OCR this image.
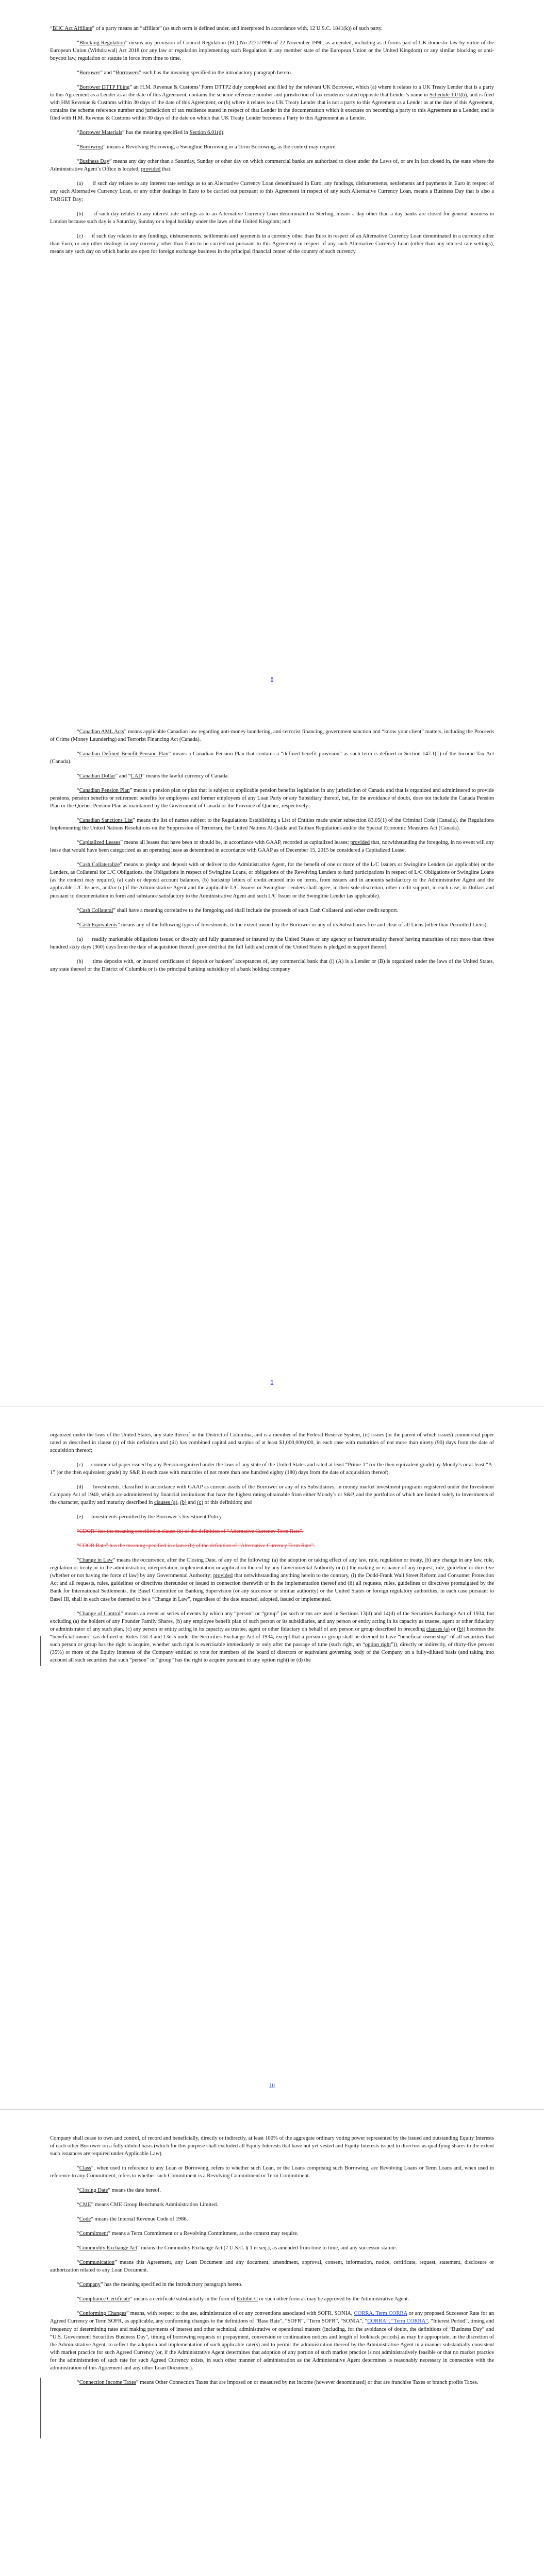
“BHC Act Affiliate” of a party means an “affiliate” (as such term is defined under, and interpreted in accordance with, 12 U.S.C. 1841(k)) of such party.

“Blocking Regulation” means any provision of Council Regulation (EC) No 2271/1996 of 22 November 1996, as amended, including as it forms part of UK domestic law by virtue of the European Union (Withdrawal) Act 2018 (or any law or regulation implementing such Regulation in any member state of the European Union or the United Kingdom) or any similar blocking or anti-boycott law, regulation or statute in force from time to time.

“Borrower” and “Borrowers” each has the meaning specified in the introductory paragraph hereto.

“Borrower DTTP Filing” an H.M. Revenue & Customs’ Form DTTP2 duly completed and filed by the relevant UK Borrower, which (a) where it relates to a UK Treaty Lender that is a party to this Agreement as a Lender as at the date of this Agreement, contains the scheme reference number and jurisdiction of tax residence stated opposite that Lender’s name in Schedule 1.01(b), and is filed with HM Revenue & Customs within 30 days of the date of this Agreement; or (b) where it relates to a UK Treaty Lender that is not a party to this Agreement as a Lender as at the date of this Agreement, contains the scheme reference number and jurisdiction of tax residence stated in respect of that Lender in the documentation which it executes on becoming a party to this Agreement as a Lender, and is filed with H.M. Revenue & Customs within 30 days of the date on which that UK Treaty Lender becomes a Party to this Agreement as a Lender.

“Borrower Materials” has the meaning specified in Section 6.01(d).

“Borrowing” means a Revolving Borrowing, a Swingline Borrowing or a Term Borrowing, as the context may require.

“Business Day” means any day other than a Saturday, Sunday or other day on which commercial banks are authorized to close under the Laws of, or are in fact closed in, the state where the Administrative Agent’s Office is located; provided that:

(a)      if such day relates to any interest rate settings as to an Alternative Currency Loan denominated in Euro, any fundings, disbursements, settlements and payments in Euro in respect of any such Alternative Currency Loan, or any other dealings in Euro to be carried out pursuant to this Agreement in respect of any such Alternative Currency Loan, means a Business Day that is also a TARGET Day;

(b)      if such day relates to any interest rate settings as to an Alternative Currency Loan denominated in Sterling, means a day other than a day banks are closed for general business in London because such day is a Saturday, Sunday or a legal holiday under the laws of the United Kingdom; and

(c)      if such day relates to any fundings, disbursements, settlements and payments in a currency other than Euro in respect of an Alternative Currency Loan denominated in a currency other than Euro, or any other dealings in any currency other than Euro to be carried out pursuant to this Agreement in respect of any such Alternative Currency Loan (other than any interest rate settings), means any such day on which banks are open for foreign exchange business in the principal financial center of the country of such currency.

8

“Canadian AML Acts” means applicable Canadian law regarding anti-money laundering, anti-terrorist financing, government sanction and “know your client” matters, including the Proceeds of Crime (Money Laundering) and Terrorist Financing Act (Canada).

“Canadian Defined Benefit Pension Plan” means a Canadian Pension Plan that contains a “defined benefit provision” as such term is defined in Section 147.1(1) of the Income Tax Act (Canada).

“Canadian Dollar” and “CAD” means the lawful currency of Canada.

“Canadian Pension Plan” means a pension plan or plan that is subject to applicable pension benefits legislation in any jurisdiction of Canada and that is organized and administered to provide pensions, pension benefits or retirement benefits for employees and former employees of any Loan Party or any Subsidiary thereof, but, for the avoidance of doubt, does not include the Canada Pension Plan or the Quebec Pension Plan as maintained by the Government of Canada or the Province of Quebec, respectively.

“Canadian Sanctions List” means the list of names subject to the Regulations Establishing a List of Entities made under subsection 83.05(1) of the Criminal Code (Canada), the Regulations Implementing the United Nations Resolutions on the Suppression of Terrorism, the United Nations Al-Qaida and Taliban Regulations and/or the Special Economic Measures Act (Canada).

“Capitalized Leases” means all leases that have been or should be, in accordance with GAAP, recorded as capitalized leases; provided that, notwithstanding the foregoing, in no event will any lease that would have been categorized as an operating lease as determined in accordance with GAAP as of December 15, 2015 be considered a Capitalized Lease.

“Cash Collateralize” means to pledge and deposit with or deliver to the Administrative Agent, for the benefit of one or more of the L/C Issuers or Swingline Lenders (as applicable) or the Lenders, as Collateral for L/C Obligations, the Obligations in respect of Swingline Loans, or obligations of the Revolving Lenders to fund participations in respect of L/C Obligations or Swingline Loans (as the context may require), (a) cash or deposit account balances, (b) backstop letters of credit entered into on terms, from issuers and in amounts satisfactory to the Administrative Agent and the applicable L/C Issuers, and/or (c) if the Administrative Agent and the applicable L/C Issuers or Swingline Lenders shall agree, in their sole discretion, other credit support, in each case, in Dollars and pursuant to documentation in form and substance satisfactory to the Administrative Agent and such L/C Issuer or the Swingline Lender (as applicable).

“Cash Collateral” shall have a meaning correlative to the foregoing and shall include the proceeds of such Cash Collateral and other credit support.

“Cash Equivalents” means any of the following types of Investments, to the extent owned by the Borrower or any of its Subsidiaries free and clear of all Liens (other than Permitted Liens):

(a)      readily marketable obligations issued or directly and fully guaranteed or insured by the United States or any agency or instrumentality thereof having maturities of not more than three hundred sixty days (360) days from the date of acquisition thereof; provided that the full faith and credit of the United States is pledged in support thereof;

(b)      time deposits with, or insured certificates of deposit or bankers’ acceptances of, any commercial bank that (i) (A) is a Lender or (B) is organized under the laws of the United States, any state thereof or the District of Columbia or is the principal banking subsidiary of a bank holding company

9

organized under the laws of the United States, any state thereof or the District of Columbia, and is a member of the Federal Reserve System, (ii) issues (or the parent of which issues) commercial paper rated as described in clause (c) of this definition and (iii) has combined capital and surplus of at least $1,000,000,000, in each case with maturities of not more than ninety (90) days from the date of acquisition thereof;

(c)      commercial paper issued by any Person organized under the laws of any state of the United States and rated at least “Prime-1” (or the then equivalent grade) by Moody’s or at least “A-1” (or the then equivalent grade) by S&P, in each case with maturities of not more than one hundred eighty (180) days from the date of acquisition thereof;

(d)      Investments, classified in accordance with GAAP as current assets of the Borrower or any of its Subsidiaries, in money market investment programs registered under the Investment Company Act of 1940, which are administered by financial institutions that have the highest rating obtainable from either Moody’s or S&P, and the portfolios of which are limited solely to Investments of the character, quality and maturity described in clauses (a), (b) and (c) of this definition; and

(e)      Investments permitted by the Borrower’s Investment Policy.

“CDOR” has the meaning specified in clause (b) of the definition of “Alternative Currency Term Rate”.

“CDOR Rate” has the meaning specified in clause (b) of the definition of “Alternative Currency Term Rate”.

“Change in Law” means the occurrence, after the Closing Date, of any of the following: (a) the adoption or taking effect of any law, rule, regulation or treaty, (b) any change in any law, rule, regulation or treaty or in the administration, interpretation, implementation or application thereof by any Governmental Authority or (c) the making or issuance of any request, rule, guideline or directive (whether or not having the force of law) by any Governmental Authority; provided that notwithstanding anything herein to the contrary, (i) the Dodd-Frank Wall Street Reform and Consumer Protection Act and all requests, rules, guidelines or directives thereunder or issued in connection therewith or in the implementation thereof and (ii) all requests, rules, guidelines or directives promulgated by the Bank for International Settlements, the Basel Committee on Banking Supervision (or any successor or similar authority) or the United States or foreign regulatory authorities, in each case pursuant to Basel III, shall in each case be deemed to be a “Change in Law”, regardless of the date enacted, adopted, issued or implemented.

“Change of Control” means an event or series of events by which any “person” or “group” (as such terms are used in Sections 13(d) and 14(d) of the Securities Exchange Act of 1934, but excluding (a) the holders of any Founder Family Shares, (b) any employee benefit plan of such person or its subsidiaries, and any person or entity acting in its capacity as trustee, agent or other fiduciary or administrator of any such plan, (c) any person or entity acting in its capacity as trustee, agent or other fiduciary on behalf of any person or group described in preceding clauses (a) or (b)) becomes the “beneficial owner” (as defined in Rules 13d-3 and 13d-5 under the Securities Exchange Act of 1934, except that a person or group shall be deemed to have “beneficial ownership” of all securities that such person or group has the right to acquire, whether such right is exercisable immediately or only after the passage of time (such right, an “option right”)), directly or indirectly, of thirty-five percent (35%) or more of the Equity Interests of the Company entitled to vote for members of the board of directors or equivalent governing body of the Company on a fully-diluted basis (and taking into account all such securities that such “person” or “group” has the right to acquire pursuant to any option right) or (d) the

10

Company shall cease to own and control, of record and beneficially, directly or indirectly, at least 100% of the aggregate ordinary voting power represented by the issued and outstanding Equity Interests of each other Borrower on a fully diluted basis (which for this purpose shall excluded all Equity Interests that have not yet vested and Equity Interests issued to directors as qualifying shares to the extent such issuances are required under Applicable Law).

“Class”, when used in reference to any Loan or Borrowing, refers to whether such Loan, or the Loans comprising such Borrowing, are Revolving Loans or Term Loans and, when used in reference to any Commitment, refers to whether such Commitment is a Revolving Commitment or Term Commitment.

“Closing Date” means the date hereof.

“CME” means CME Group Benchmark Administration Limited.

“Code” means the Internal Revenue Code of 1986.

“Commitment” means a Term Commitment or a Revolving Commitment, as the context may require.

“Commodity Exchange Act” means the Commodity Exchange Act (7 U.S.C. § 1 et seq.), as amended from time to time, and any successor statute.

“Communication” means this Agreement, any Loan Document and any document, amendment, approval, consent, information, notice, certificate, request, statement, disclosure or authorization related to any Loan Document.

“Company” has the meaning specified in the introductory paragraph hereto.

“Compliance Certificate” means a certificate substantially in the form of Exhibit C or such other form as may be approved by the Administrative Agent.

“Conforming Changes” means, with respect to the use, administration of or any conventions associated with SOFR, SONIA, CORRA, Term CORRA or any proposed Successor Rate for an Agreed Currency or Term SOFR, as applicable, any conforming changes to the definitions of “Base Rate”, “SOFR”, “Term SOFR”, “SONIA”, “CORRA”, “Term CORRA”, “Interest Period”, timing and frequency of determining rates and making payments of interest and other technical, administrative or operational matters (including, for the avoidance of doubt, the definitions of “Business Day” and “U.S. Government Securities Business Day”, timing of borrowing requests or prepayment, conversion or continuation notices and length of lookback periods) as may be appropriate, in the discretion of the Administrative Agent, to reflect the adoption and implementation of such applicable rate(s) and to permit the administration thereof by the Administrative Agent in a manner substantially consistent with market practice for such Agreed Currency (or, if the Administrative Agent determines that adoption of any portion of such market practice is not administratively feasible or that no market practice for the administration of such rate for such Agreed Currency exists, in such other manner of administration as the Administrative Agent determines is reasonably necessary in connection with the administration of this Agreement and any other Loan Document).

“Connection Income Taxes” means Other Connection Taxes that are imposed on or measured by net income (however denominated) or that are franchise Taxes or branch profits Taxes.
